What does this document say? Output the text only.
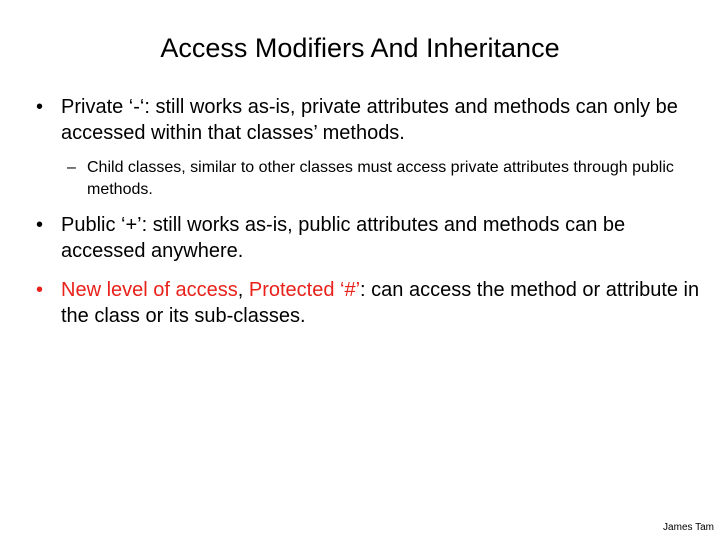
Access Modifiers And Inheritance
• Private ‘-‘: still works as-is, private attributes and methods can only be accessed within that classes’ methods.
– Child classes, similar to other classes must access private attributes through public methods.
• Public ‘+’: still works as-is, public attributes and methods can be accessed anywhere.
• New level of access, Protected ‘#’: can access the method or attribute in the class or its sub-classes.
James Tam
